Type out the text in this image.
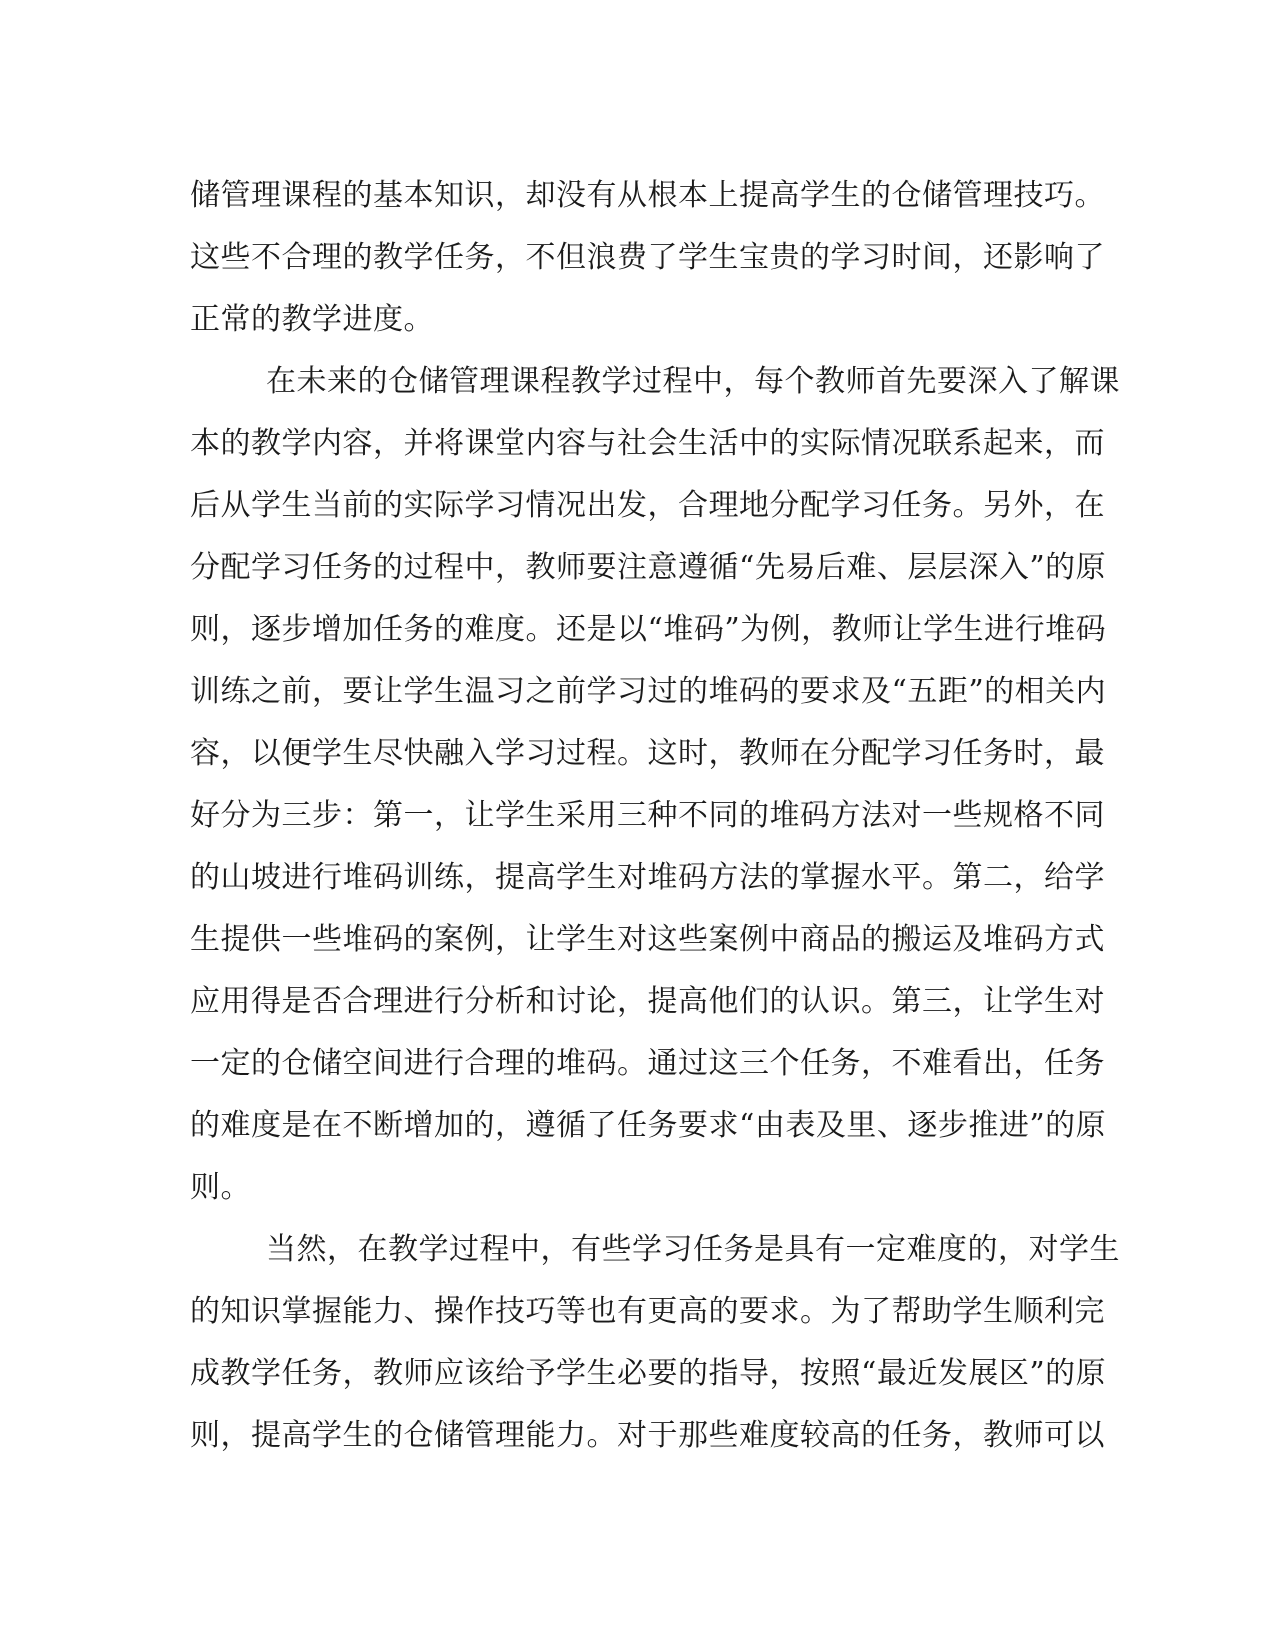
储管理课程的基本知识，却没有从根本上提高学生的仓储管理技巧。
这些不合理的教学任务，不但浪费了学生宝贵的学习时间，还影响了
正常的教学进度。
在未来的仓储管理课程教学过程中，每个教师首先要深入了解课
本的教学内容，并将课堂内容与社会生活中的实际情况联系起来，而
后从学生当前的实际学习情况出发，合理地分配学习任务。另外，在
分配学习任务的过程中，教师要注意遵循“先易后难、层层深入”的原
则，逐步增加任务的难度。还是以“堆码”为例，教师让学生进行堆码
训练之前，要让学生温习之前学习过的堆码的要求及“五距”的相关内
容，以便学生尽快融入学习过程。这时，教师在分配学习任务时，最
好分为三步：第一，让学生采用三种不同的堆码方法对一些规格不同
的山坡进行堆码训练，提高学生对堆码方法的掌握水平。第二，给学
生提供一些堆码的案例，让学生对这些案例中商品的搬运及堆码方式
应用得是否合理进行分析和讨论，提高他们的认识。第三，让学生对
一定的仓储空间进行合理的堆码。通过这三个任务，不难看出，任务
的难度是在不断增加的，遵循了任务要求“由表及里、逐步推进”的原
则。
当然，在教学过程中，有些学习任务是具有一定难度的，对学生
的知识掌握能力、操作技巧等也有更高的要求。为了帮助学生顺利完
成教学任务，教师应该给予学生必要的指导，按照“最近发展区”的原
则，提高学生的仓储管理能力。对于那些难度较高的任务，教师可以
